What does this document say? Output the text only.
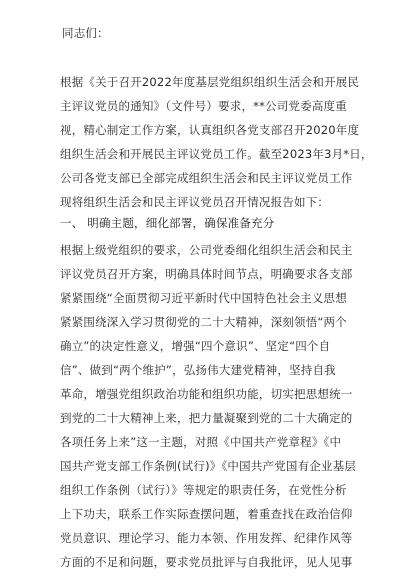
同志们：
根据《关于召开2022年度基层党组织组织生活会和开展民
主评议党员的通知》（文件号）要求，**公司党委高度重
视，精心制定工作方案，认真组织各党支部召开2020年度
组织生活会和开展民主评议党员工作。截至2023年3月*日，
公司各党支部已全部完成组织生活会和民主评议党员工作
现将组织生活会和民主评议党员召开情况报告如下：
一、 明确主题，细化部署，确保准备充分
根据上级党组织的要求，公司党委细化组织生活会和民主
评议党员召开方案，明确具体时间节点，明确要求各支部
紧紧围绕“全面贯彻习近平新时代中国特色社会主义思想
紧紧围绕深入学习贯彻党的二十大精神，深刻领悟“两个
确立”的决定性意义，增强“四个意识”、坚定“四个自
信”、做到“两个维护”，弘扬伟大建党精神，坚持自我
革命，增强党组织政治功能和组织功能，切实把思想统一
到党的二十大精神上来，把力量凝聚到党的二十大确定的
各项任务上来”这一主题，对照《中国共产党章程》《中
国共产党支部工作条例(试行)》《中国共产党国有企业基层
组织工作条例（试行）》等规定的职责任务，在党性分析
上下功夫，联系工作实际查摆问题，着重查找在政治信仰
党员意识、理论学习、能力本领、作用发挥、纪律作风等
方面的不足和问题，要求党员批评与自我批评，见人见事
